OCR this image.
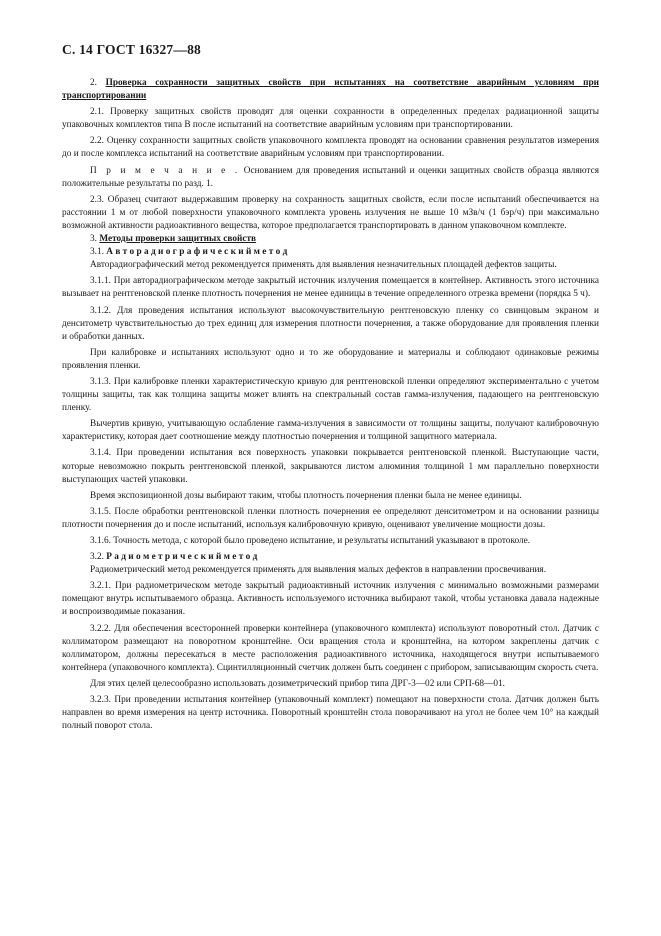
С. 14 ГОСТ 16327—88

2. Проверка сохранности защитных свойств при испытаниях на соответствие аварийным условиям при транспортировании

2.1. Проверку защитных свойств проводят для оценки сохранности в определенных пределах радиационной защиты упаковочных комплектов типа В после испытаний на соответствие аварийным условиям при транспортировании.

2.2. Оценку сохранности защитных свойств упаковочного комплекта проводят на основании сравнения результатов измерения до и после комплекса испытаний на соответствие аварийным условиям при транспортировании.

П р и м е ч а н и е . Основанием для проведения испытаний и оценки защитных свойств образца являются положительные результаты по разд. 1.

2.3. Образец считают выдержавшим проверку на сохранность защитных свойств, если после испытаний обеспечивается на расстоянии 1 м от любой поверхности упаковочного комплекта уровень излучения не выше 10 мЗв/ч (1 бэр/ч) при максимально возможной активности радиоактивного вещества, которое предполагается транспортировать в данном упаковочном комплекте.

3. Методы проверки защитных свойств

3.1. А в т о р а д и о г р а ф и ч е с к и й м е т о д

Авторадиографический метод рекомендуется применять для выявления незначительных площадей дефектов защиты.

3.1.1. При авторадиографическом методе закрытый источник излучения помещается в контейнер. Активность этого источника вызывает на рентгеновской пленке плотность почернения не менее единицы в течение определенного отрезка времени (порядка 5 ч).

3.1.2. Для проведения испытания используют высокочувствительную рентгеновскую пленку со свинцовым экраном и денситометр чувствительностью до трех единиц для измерения плотности почернения, а также оборудование для проявления пленки и обработки данных.

При калибровке и испытаниях используют одно и то же оборудование и материалы и соблюдают одинаковые режимы проявления пленки.

3.1.3. При калибровке пленки характеристическую кривую для рентгеновской пленки определяют экспериментально с учетом толщины защиты, так как толщина защиты может влиять на спектральный состав гамма-излучения, падающего на рентгеновскую пленку.

Вычертив кривую, учитывающую ослабление гамма-излучения в зависимости от толщины защиты, получают калибровочную характеристику, которая дает соотношение между плотностью почернения и толщиной защитного материала.

3.1.4. При проведении испытания вся поверхность упаковки покрывается рентгеновской пленкой. Выступающие части, которые невозможно покрыть рентгеновской пленкой, закрываются листом алюминия толщиной 1 мм параллельно поверхности выступающих частей упаковки.

Время экспозиционной дозы выбирают таким, чтобы плотность почернения пленки была не менее единицы.

3.1.5. После обработки рентгеновской пленки плотность почернения ее определяют денситометром и на основании разницы плотности почернения до и после испытаний, используя калибровочную кривую, оценивают увеличение мощности дозы.

3.1.6. Точность метода, с которой было проведено испытание, и результаты испытаний указывают в протоколе.

3.2. Р а д и о м е т р и ч е с к и й м е т о д

Радиометрический метод рекомендуется применять для выявления малых дефектов в направлении просвечивания.

3.2.1. При радиометрическом методе закрытый радиоактивный источник излучения с минимально возможными размерами помещают внутрь испытываемого образца. Активность используемого источника выбирают такой, чтобы установка давала надежные и воспроизводимые показания.

3.2.2. Для обеспечения всесторонней проверки контейнера (упаковочного комплекта) используют поворотный стол. Датчик с коллиматором размещают на поворотном кронштейне. Оси вращения стола и кронштейна, на котором закреплены датчик с коллиматором, должны пересекаться в месте расположения радиоактивного источника, находящегося внутри испытываемого контейнера (упаковочного комплекта). Сцинтилляционный счетчик должен быть соединен с прибором, записывающим скорость счета.

Для этих целей целесообразно использовать дозиметрический прибор типа ДРГ-3—02 или СРП-68—01.

3.2.3. При проведении испытания контейнер (упаковочный комплект) помещают на поверхности стола. Датчик должен быть направлен во время измерения на центр источника. Поворотный кронштейн стола поворачивают на угол не более чем 10° на каждый полный поворот стола.
